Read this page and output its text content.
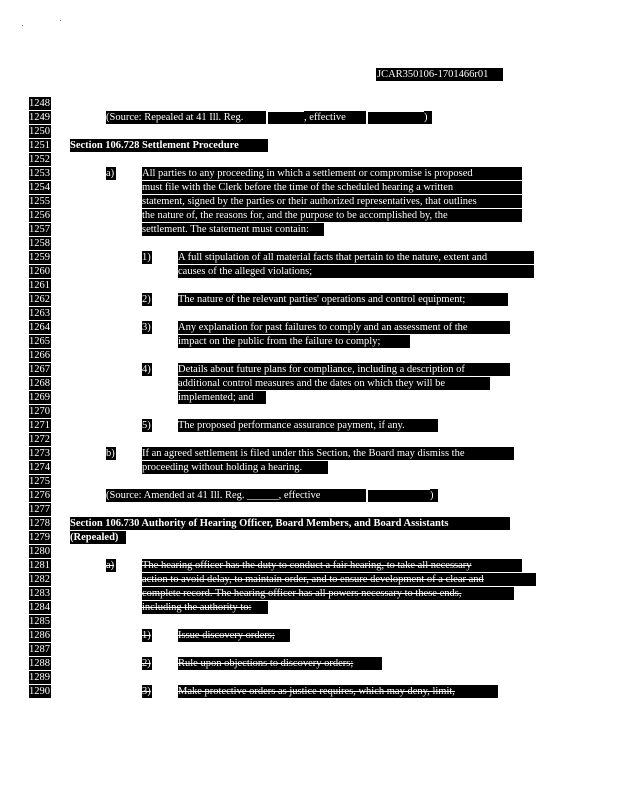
JCAR350106-1701466r01
1248
1249
1250
1251
1252
1253
1254
1255
1256
1257
1258
1259
1260
1261
1262
1263
1264
1265
1266
1267
1268
1269
1270
1271
1272
1273
1274
1275
1276
1277
1278
1279
1280
1281
1282
1283
1284
1285
1286
1287
1288
1289
1290
(Source: Repealed at 41 Ill. Reg.	, effective	)
Section 106.728 Settlement Procedure
a)	All parties to any proceeding in which a settlement or compromise is proposed
must file with the Clerk before the time of the scheduled hearing a written
statement, signed by the parties or their authorized representatives, that outlines
the nature of, the reasons for, and the purpose to be accomplished by, the
settlement. The statement must contain:
1)	A full stipulation of all material facts that pertain to the nature, extent and
causes of the alleged violations;
2)	The nature of the relevant parties' operations and control equipment;
3)	Any explanation for past failures to comply and an assessment of the
impact on the public from the failure to comply;
4)	Details about future plans for compliance, including a description of
additional control measures and the dates on which they will be
implemented; and
5)	The proposed performance assurance payment, if any.
b)	If an agreed settlement is filed under this Section, the Board may dismiss the
proceeding without holding a hearing.
(Source: Amended at 41 Ill. Reg. ______, effective	)
Section 106.730 Authority of Hearing Officer, Board Members, and Board Assistants
(Repealed)
a)	The hearing officer has the duty to conduct a fair hearing, to take all necessary
action to avoid delay, to maintain order, and to ensure development of a clear and
complete record. The hearing officer has all powers necessary to these ends,
including the authority to:
1)	Issue discovery orders;
2)	Rule upon objections to discovery orders;
3)	Make protective orders as justice requires, which may deny, limit,
